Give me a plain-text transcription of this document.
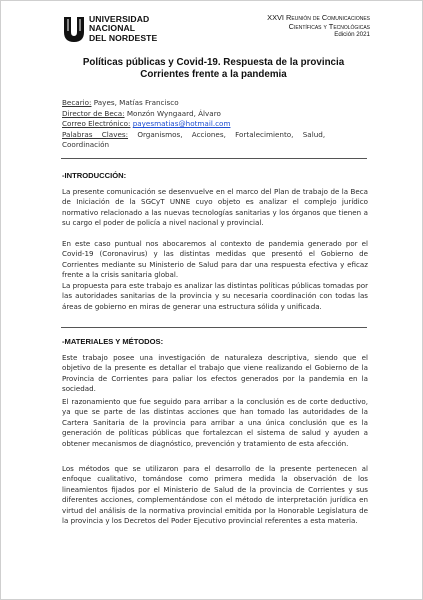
UNIVERSIDAD
NACIONAL
DEL NORDESTE
XXVI Reunión de Comunicaciones
Científicas y Tecnológicas
Edición 2021
Políticas públicas y Covid-19. Respuesta de la provincia
Corrientes frente a la pandemia
Becario: Payes, Matías Francisco
Director de Beca: Monzón Wyngaard, Álvaro
Correo Electrónico: payesmatias@hotmail.com
Palabras Claves: Organismos, Acciones, Fortalecimiento, Salud,
Coordinación
-INTRODUCCIÓN:
La presente comunicación se desenvuelve en el marco del Plan de trabajo de la Beca de Iniciación de la SGCyT UNNE cuyo objeto es analizar el complejo jurídico normativo relacionado a las nuevas tecnologías sanitarias y los órganos que tienen a su cargo el poder de policía a nivel nacional y provincial.
En este caso puntual nos abocaremos al contexto de pandemia generado por el Covid-19 (Coronavirus) y las distintas medidas que presentó el Gobierno de Corrientes mediante su Ministerio de Salud para dar una respuesta efectiva y eficaz frente a la crisis sanitaria global.
La propuesta para este trabajo es analizar las distintas políticas públicas tomadas por las autoridades sanitarias de la provincia y su necesaria coordinación con todas las áreas de gobierno en miras de generar una estructura sólida y unificada.
-MATERIALES Y MÉTODOS:
Este trabajo posee una investigación de naturaleza descriptiva, siendo que el objetivo de la presente es detallar el trabajo que viene realizando el Gobierno de la Provincia de Corrientes para paliar los efectos generados por la pandemia en la sociedad.
El razonamiento que fue seguido para arribar a la conclusión es de corte deductivo, ya que se parte de las distintas acciones que han tomado las autoridades de la Cartera Sanitaria de la provincia para arribar a una única conclusión que es la generación de políticas públicas que fortalezcan el sistema de salud y ayuden a obtener mecanismos de diagnóstico, prevención y tratamiento de esta afección.
Los métodos que se utilizaron para el desarrollo de la presente pertenecen al enfoque cualitativo, tomándose como primera medida la observación de los lineamientos fijados por el Ministerio de Salud de la provincia de Corrientes y sus diferentes acciones, complementándose con el método de interpretación jurídica en virtud del análisis de la normativa provincial emitida por la Honorable Legislatura de la provincia y los Decretos del Poder Ejecutivo provincial referentes a esta materia.
